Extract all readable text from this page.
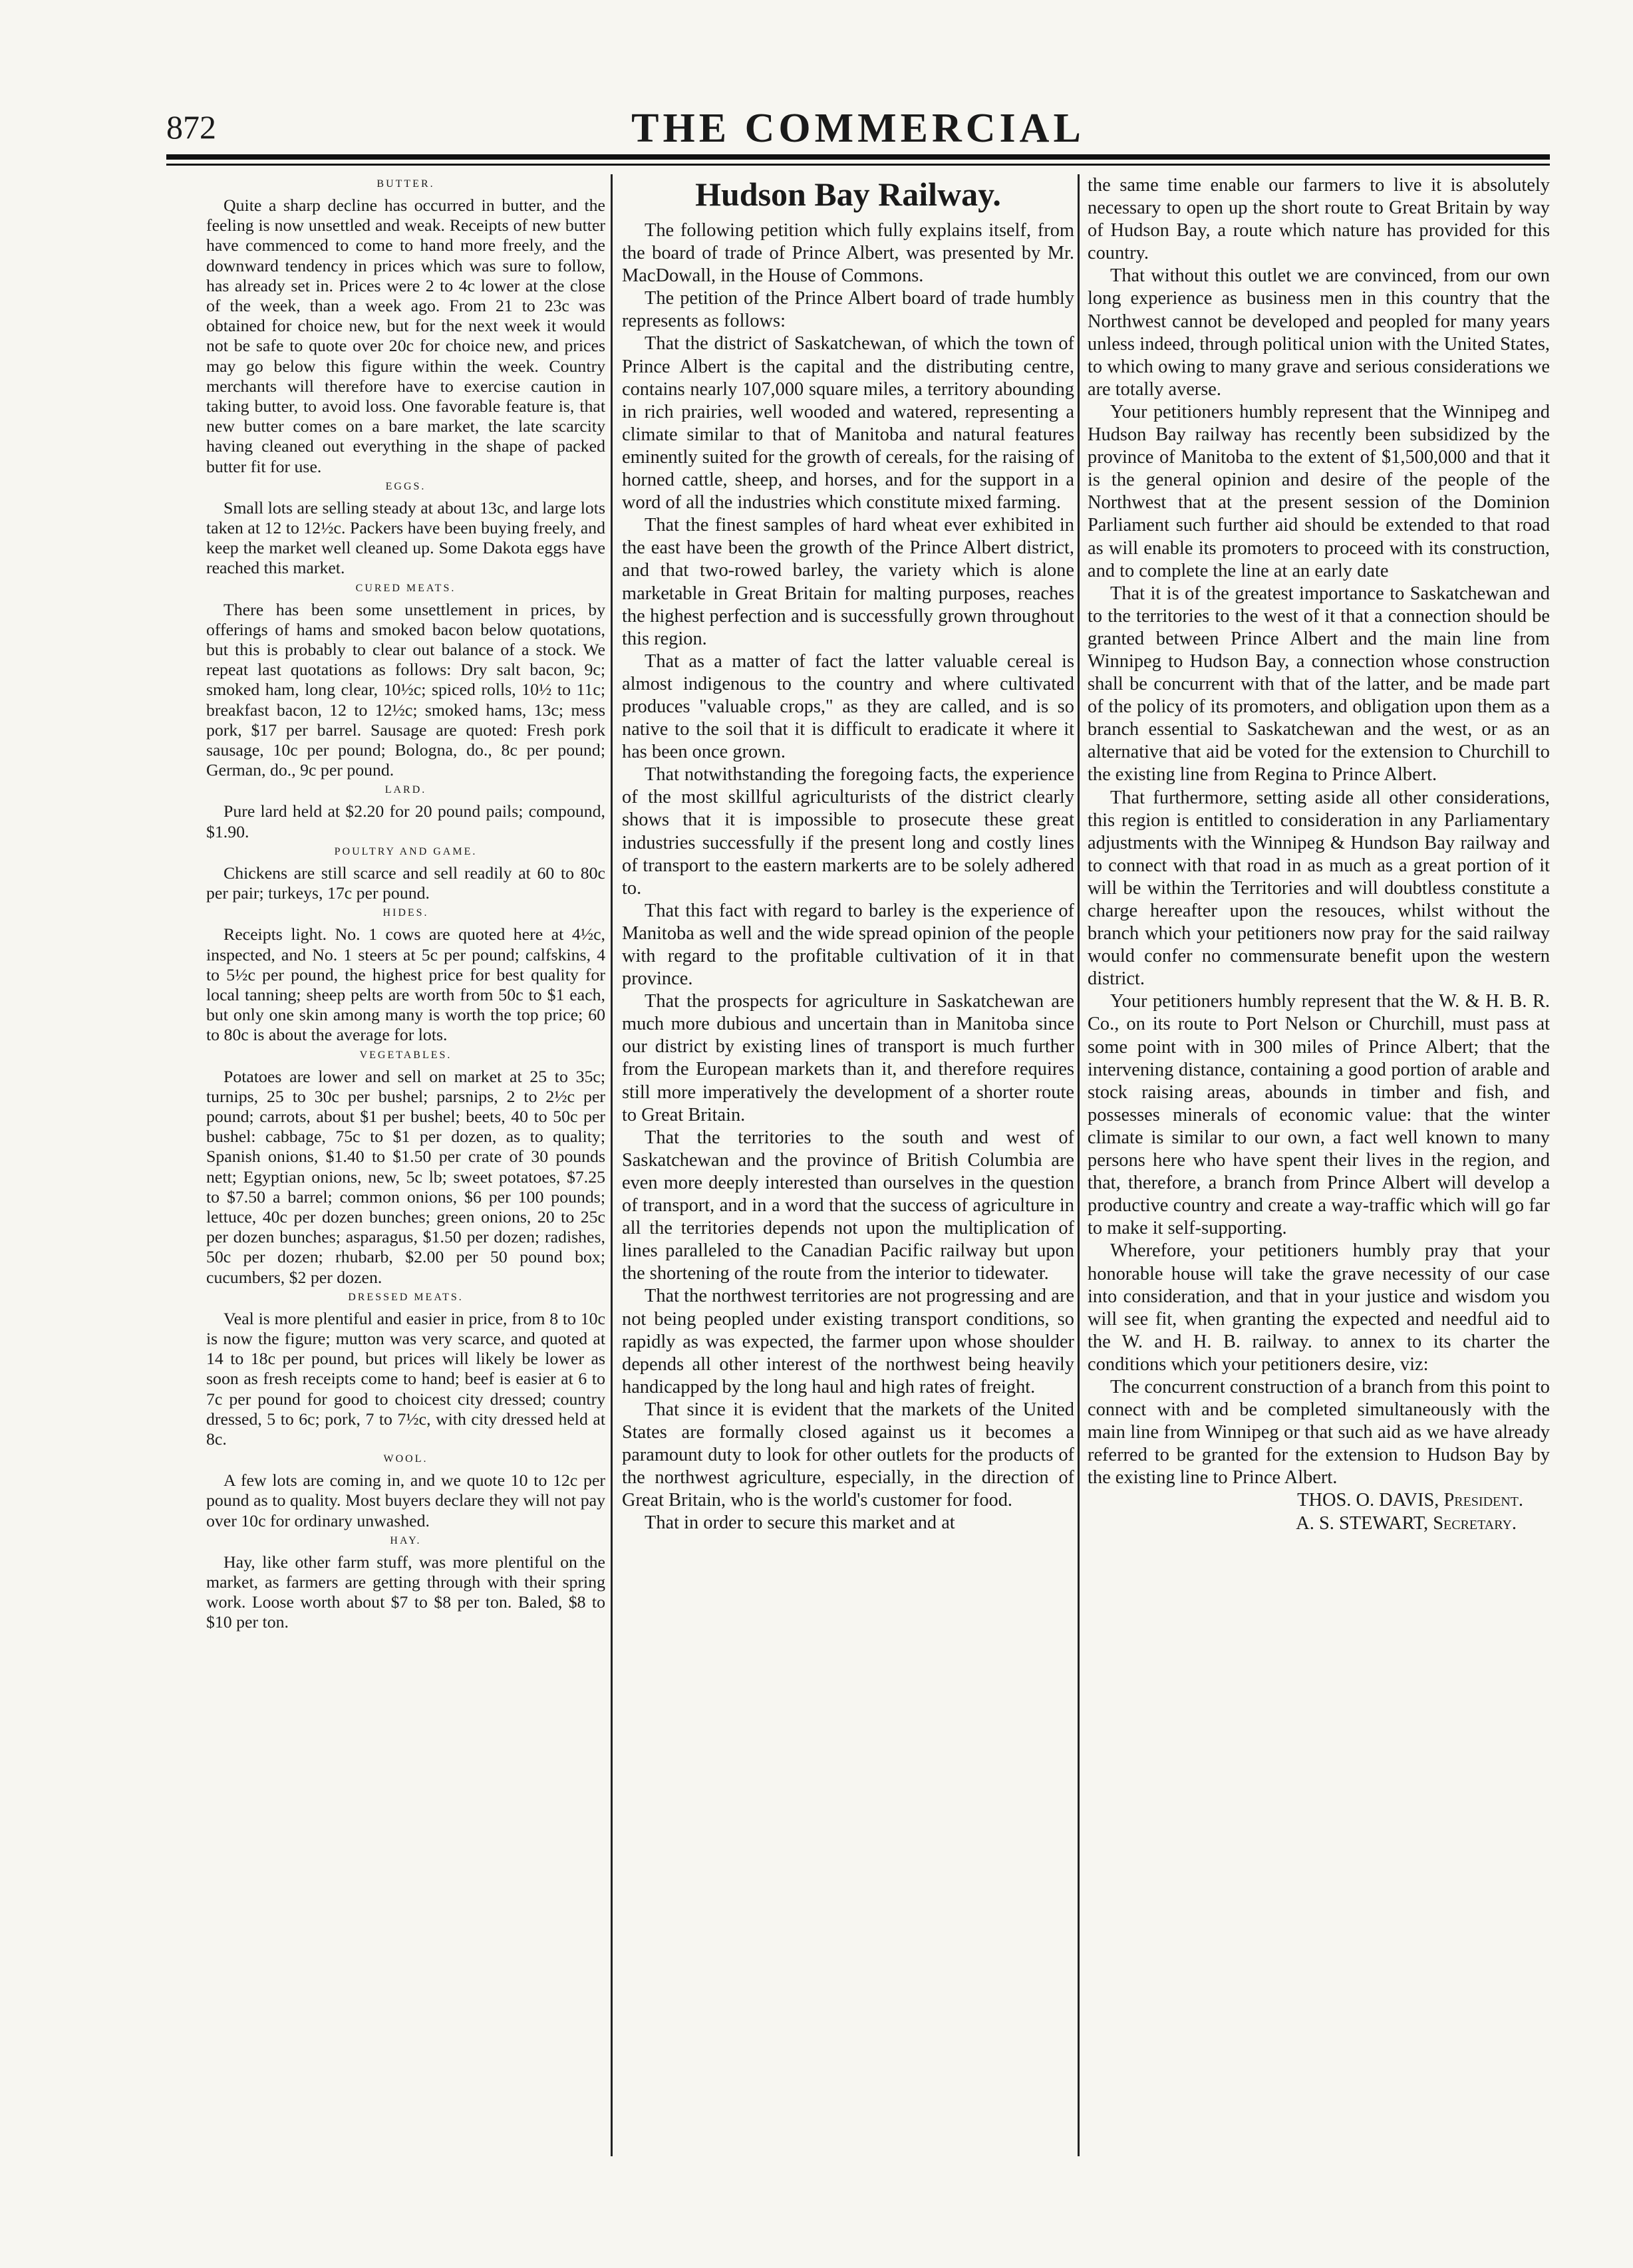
872	THE COMMERCIAL
BUTTER.

Quite a sharp decline has occurred in butter, and the feeling is now unsettled and weak. Receipts of new butter have commenced to come to hand more freely, and the downward tendency in prices which was sure to follow, has already set in. Prices were 2 to 4c lower at the close of the week, than a week ago. From 21 to 23c was obtained for choice new, but for the next week it would not be safe to quote over 20c for choice new, and prices may go below this figure within the week. Country merchants will therefore have to exercise caution in taking butter, to avoid loss. One favorable feature is, that new butter comes on a bare market, the late scarcity having cleaned out everything in the shape of packed butter fit for use.

EGGS.

Small lots are selling steady at about 13c, and large lots taken at 12 to 12½c. Packers have been buying freely, and keep the market well cleaned up. Some Dakota eggs have reached this market.

CURED MEATS.

There has been some unsettlement in prices, by offerings of hams and smoked bacon below quotations, but this is probably to clear out balance of a stock. We repeat last quotations as follows: Dry salt bacon, 9c; smoked ham, long clear, 10½c; spiced rolls, 10½ to 11c; breakfast bacon, 12 to 12½c; smoked hams, 13c; mess pork, $17 per barrel. Sausage are quoted: Fresh pork sausage, 10c per pound; Bologna, do., 8c per pound; German, do., 9c per pound.

LARD.

Pure lard held at $2.20 for 20 pound pails; compound, $1.90.

POULTRY AND GAME.

Chickens are still scarce and sell readily at 60 to 80c per pair; turkeys, 17c per pound.

HIDES.

Receipts light. No. 1 cows are quoted here at 4½c, inspected, and No. 1 steers at 5c per pound; calfskins, 4 to 5½c per pound, the highest price for best quality for local tanning; sheep pelts are worth from 50c to $1 each, but only one skin among many is worth the top price; 60 to 80c is about the average for lots.

VEGETABLES.

Potatoes are lower and sell on market at 25 to 35c; turnips, 25 to 30c per bushel; parsnips, 2 to 2½c per pound; carrots, about $1 per bushel; beets, 40 to 50c per bushel: cabbage, 75c to $1 per dozen, as to quality; Spanish onions, $1.40 to $1.50 per crate of 30 pounds nett; Egyptian onions, new, 5c lb; sweet potatoes, $7.25 to $7.50 a barrel; common onions, $6 per 100 pounds; lettuce, 40c per dozen bunches; green onions, 20 to 25c per dozen bunches; asparagus, $1.50 per dozen; radishes, 50c per dozen; rhubarb, $2.00 per 50 pound box; cucumbers, $2 per dozen.

DRESSED MEATS.

Veal is more plentiful and easier in price, from 8 to 10c is now the figure; mutton was very scarce, and quoted at 14 to 18c per pound, but prices will likely be lower as soon as fresh receipts come to hand; beef is easier at 6 to 7c per pound for good to choicest city dressed; country dressed, 5 to 6c; pork, 7 to 7½c, with city dressed held at 8c.

WOOL.

A few lots are coming in, and we quote 10 to 12c per pound as to quality. Most buyers declare they will not pay over 10c for ordinary unwashed.

HAY.

Hay, like other farm stuff, was more plentiful on the market, as farmers are getting through with their spring work. Loose worth about $7 to $8 per ton. Baled, $8 to $10 per ton.

Hudson Bay Railway.

The following petition which fully explains itself, from the board of trade of Prince Albert, was presented by Mr. MacDowall, in the House of Commons.

The petition of the Prince Albert board of trade humbly represents as follows:

That the district of Saskatchewan, of which the town of Prince Albert is the capital and the distributing centre, contains nearly 107,000 square miles, a territory abounding in rich prairies, well wooded and watered, representing a climate similar to that of Manitoba and natural features eminently suited for the growth of cereals, for the raising of horned cattle, sheep, and horses, and for the support in a word of all the industries which constitute mixed farming.

That the finest samples of hard wheat ever exhibited in the east have been the growth of the Prince Albert district, and that two-rowed barley, the variety which is alone marketable in Great Britain for malting purposes, reaches the highest perfection and is successfully grown throughout this region.

That as a matter of fact the latter valuable cereal is almost indigenous to the country and where cultivated produces "valuable crops," as they are called, and is so native to the soil that it is difficult to eradicate it where it has been once grown.

That notwithstanding the foregoing facts, the experience of the most skillful agriculturists of the district clearly shows that it is impossible to prosecute these great industries successfully if the present long and costly lines of transport to the eastern markerts are to be solely adhered to.

That this fact with regard to barley is the experience of Manitoba as well and the wide spread opinion of the people with regard to the profitable cultivation of it in that province.

That the prospects for agriculture in Saskatchewan are much more dubious and uncertain than in Manitoba since our district by existing lines of transport is much further from the European markets than it, and therefore requires still more imperatively the development of a shorter route to Great Britain.

That the territories to the south and west of Saskatchewan and the province of British Columbia are even more deeply interested than ourselves in the question of transport, and in a word that the success of agriculture in all the territories depends not upon the multiplication of lines paralleled to the Canadian Pacific railway but upon the shortening of the route from the interior to tidewater.

That the northwest territories are not progressing and are not being peopled under existing transport conditions, so rapidly as was expected, the farmer upon whose shoulder depends all other interest of the northwest being heavily handicapped by the long haul and high rates of freight.

That since it is evident that the markets of the United States are formally closed against us it becomes a paramount duty to look for other outlets for the products of the northwest agriculture, especially, in the direction of Great Britain, who is the world's customer for food.

That in order to secure this market and at

the same time enable our farmers to live it is absolutely necessary to open up the short route to Great Britain by way of Hudson Bay, a route which nature has provided for this country.

That without this outlet we are convinced, from our own long experience as business men in this country that the Northwest cannot be developed and peopled for many years unless indeed, through political union with the United States, to which owing to many grave and serious considerations we are totally averse.

Your petitioners humbly represent that the Winnipeg and Hudson Bay railway has recently been subsidized by the province of Manitoba to the extent of $1,500,000 and that it is the general opinion and desire of the people of the Northwest that at the present session of the Dominion Parliament such further aid should be extended to that road as will enable its promoters to proceed with its construction, and to complete the line at an early date

That it is of the greatest importance to Saskatchewan and to the territories to the west of it that a connection should be granted between Prince Albert and the main line from Winnipeg to Hudson Bay, a connection whose construction shall be concurrent with that of the latter, and be made part of the policy of its promoters, and obligation upon them as a branch essential to Saskatchewan and the west, or as an alternative that aid be voted for the extension to Churchill to the existing line from Regina to Prince Albert.

That furthermore, setting aside all other considerations, this region is entitled to consideration in any Parliamentary adjustments with the Winnipeg & Hundson Bay railway and to connect with that road in as much as a great portion of it will be within the Territories and will doubtless constitute a charge hereafter upon the resouces, whilst without the branch which your petitioners now pray for the said railway would confer no commensurate benefit upon the western district.

Your petitioners humbly represent that the W. & H. B. R. Co., on its route to Port Nelson or Churchill, must pass at some point with in 300 miles of Prince Albert; that the intervening distance, containing a good portion of arable and stock raising areas, abounds in timber and fish, and possesses minerals of economic value: that the winter climate is similar to our own, a fact well known to many persons here who have spent their lives in the region, and that, therefore, a branch from Prince Albert will develop a productive country and create a way-traffic which will go far to make it self-supporting.

Wherefore, your petitioners humbly pray that your honorable house will take the grave necessity of our case into consideration, and that in your justice and wisdom you will see fit, when granting the expected and needful aid to the W. and H. B. railway. to annex to its charter the conditions which your petitioners desire, viz:

The concurrent construction of a branch from this point to connect with and be completed simultaneously with the main line from Winnipeg or that such aid as we have already referred to be granted for the extension to Hudson Bay by the existing line to Prince Albert.

THOS. O. DAVIS, President.
A. S. STEWART, Secretary.
